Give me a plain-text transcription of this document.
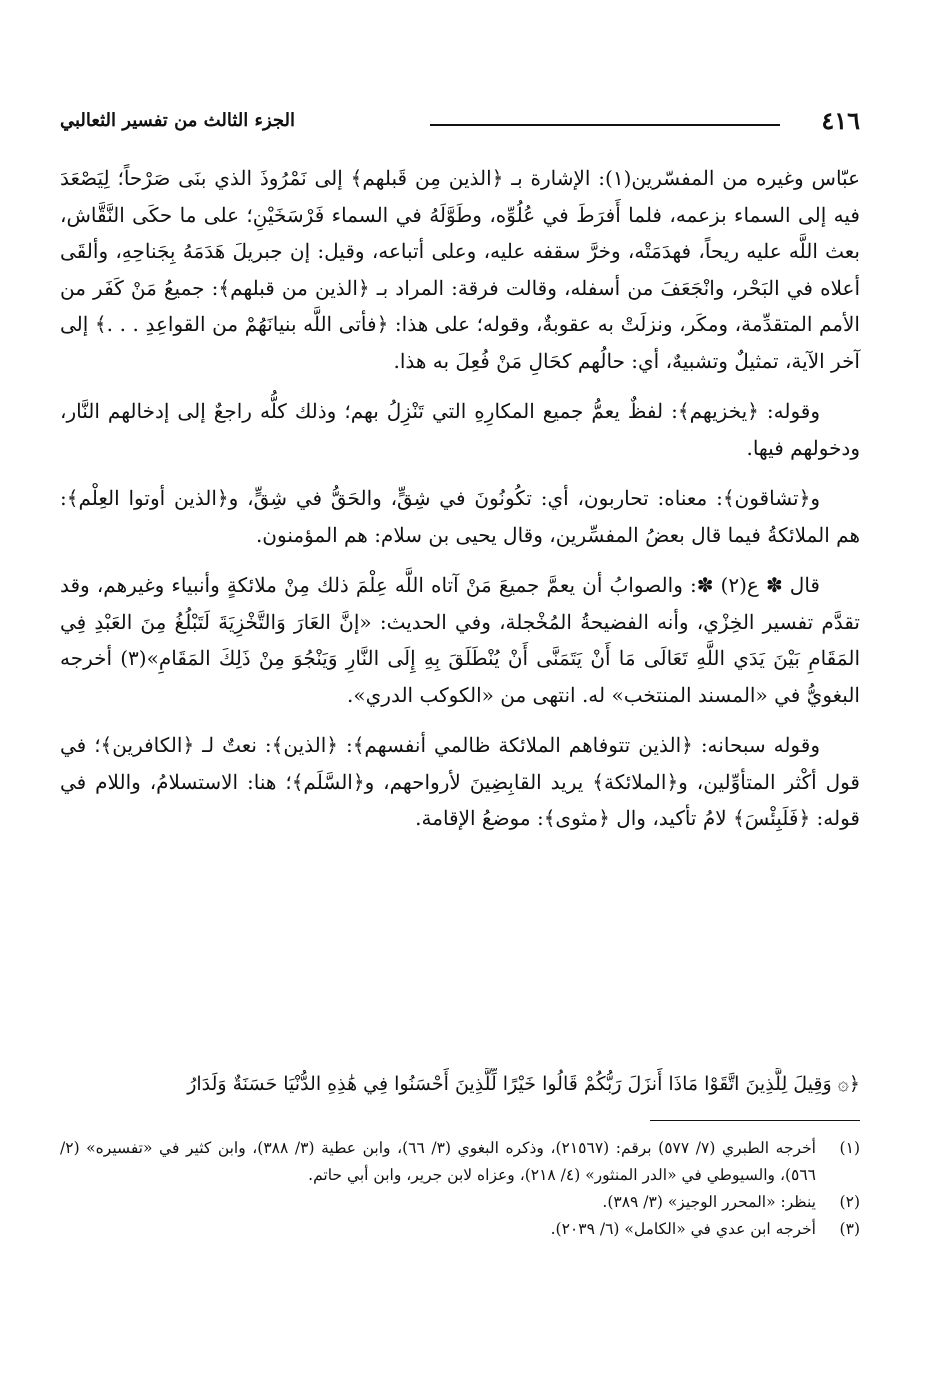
٤١٦
الجزء الثالث من تفسير الثعالبي

عبّاس وغيره من المفسّرين(١): الإشارة بـ ﴿الذين مِن قَبلهم﴾ إلى نَمْرُوذَ الذي بنَى صَرْحاً؛ لِيَصْعَدَ فيه إلى السماء بزعمه، فلما أَفرَطَ في عُلُوِّه، وطَوَّلَهُ في السماء فَرْسَخَيْنِ؛ على ما حكَى النَّقَّاش، بعث اللَّه عليه ريحاً، فهدَمَتْه، وخرَّ سقفه عليه، وعلى أتباعه، وقيل: إن جبريلَ هَدَمَهُ بِجَناحِهِ، وألقَى أعلاه في البَحْر، وانْجَعَفَ من أسفله، وقالت فرقة: المراد بـ ﴿الذين من قبلهم﴾: جميعُ مَنْ كَفَر من الأمم المتقدِّمة، ومكَر، ونزلَتْ به عقوبةٌ، وقوله؛ على هذا: ﴿فأتى اللَّه بنيانَهُمْ من القواعِدِ . . .﴾ إلى آخر الآية، تمثيلٌ وتشبيهٌ، أي: حالُهم كحَالِ مَنْ فُعِلَ به هذا.

وقوله: ﴿يخزيهم﴾: لفظٌ يعمُّ جميع المكارِهِ التي تَنْزِلُ بهم؛ وذلك كلُّه راجعٌ إلى إدخالهم النَّار، ودخولهم فيها.

و﴿تشاقون﴾: معناه: تحاربون، أي: تكُونُونَ في شِقٍّ، والحَقُّ في شِقٍّ، و﴿الذين أوتوا العِلْم﴾: هم الملائكةُ فيما قال بعضُ المفسِّرين، وقال يحيى بن سلام: هم المؤمنون.

قال ✽ ع(٢) ✽: والصوابُ أن يعمَّ جميعَ مَنْ آتاه اللَّه عِلْمَ ذلك مِنْ ملائكةٍ وأنبياء وغيرهم، وقد تقدَّم تفسير الخِزْي، وأنه الفضيحةُ المُخْجلة، وفي الحديث: «إنَّ العَارَ وَالتَّخْزِيَةَ لَتَبْلُغُ مِنَ العَبْدِ فِي المَقَامِ بَيْنَ يَدَي اللَّهِ تَعَالَى مَا أَنْ يَتَمَنَّى أَنْ يُنْطَلَقَ بِهِ إِلَى النَّارِ وَيَنْجُوَ مِنْ ذَلِكَ المَقَامِ»(٣) أخرجه البغويُّ في «المسند المنتخب» له. انتهى من «الكوكب الدري».

وقوله سبحانه: ﴿الذين تتوفاهم الملائكة ظالمي أنفسهم﴾: ﴿الذين﴾: نعتٌ لـ ﴿الكافرين﴾؛ في قول أكْثر المتأوِّلين، و﴿الملائكة﴾ يريد القابِضِينَ لأرواحهم، و﴿السَّلَم﴾؛ هنا: الاستسلامُ، واللام في قوله: ﴿فَلَبِئْسَ﴾ لامُ تأكيد، وال ﴿مثوى﴾: موضعُ الإقامة.

﴿۞ وَقِيلَ لِلَّذِينَ اتَّقَوْا مَاذَا أَنزَلَ رَبُّكُمْ قَالُوا خَيْرًا لِّلَّذِينَ أَحْسَنُوا فِي هَٰذِهِ الدُّنْيَا حَسَنَةٌ وَلَدَارُ
(١)
أخرجه الطبري (٧/ ٥٧٧) برقم: (٢١٥٦٧)، وذكره البغوي (٣/ ٦٦)، وابن عطية (٣/ ٣٨٨)، وابن كثير في «تفسيره» (٢/ ٥٦٦)، والسيوطي في «الدر المنثور» (٤/ ٢١٨)، وعزاه لابن جرير، وابن أبي حاتم.
(٢)
ينظر: «المحرر الوجيز» (٣/ ٣٨٩).
(٣)
أخرجه ابن عدي في «الكامل» (٦/ ٢٠٣٩).
